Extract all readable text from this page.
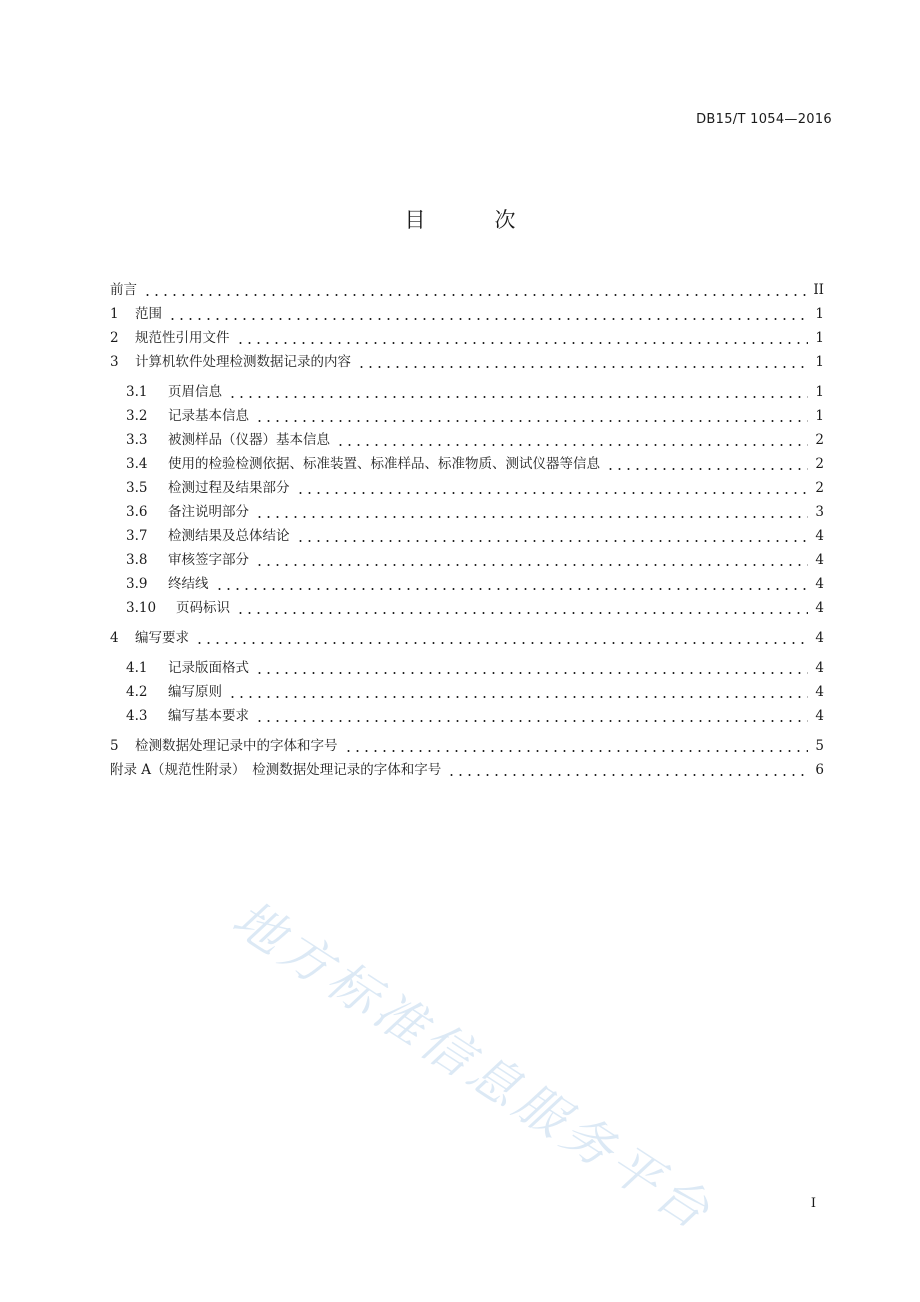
DB15/T 1054—2016
目　次
前言	II
1	范围	1
2	规范性引用文件	1
3	计算机软件处理检测数据记录的内容	1
3.1	页眉信息	1
3.2	记录基本信息	1
3.3	被测样品（仪器）基本信息	2
3.4	使用的检验检测依据、标准装置、标准样品、标准物质、测试仪器等信息	2
3.5	检测过程及结果部分	2
3.6	备注说明部分	3
3.7	检测结果及总体结论	4
3.8	审核签字部分	4
3.9	终结线	4
3.10	页码标识	4
4	编写要求	4
4.1	记录版面格式	4
4.2	编写原则	4
4.3	编写基本要求	4
5	检测数据处理记录中的字体和字号	5
附录 A（规范性附录）　检测数据处理记录的字体和字号	6
地方标准信息服务平台	I
